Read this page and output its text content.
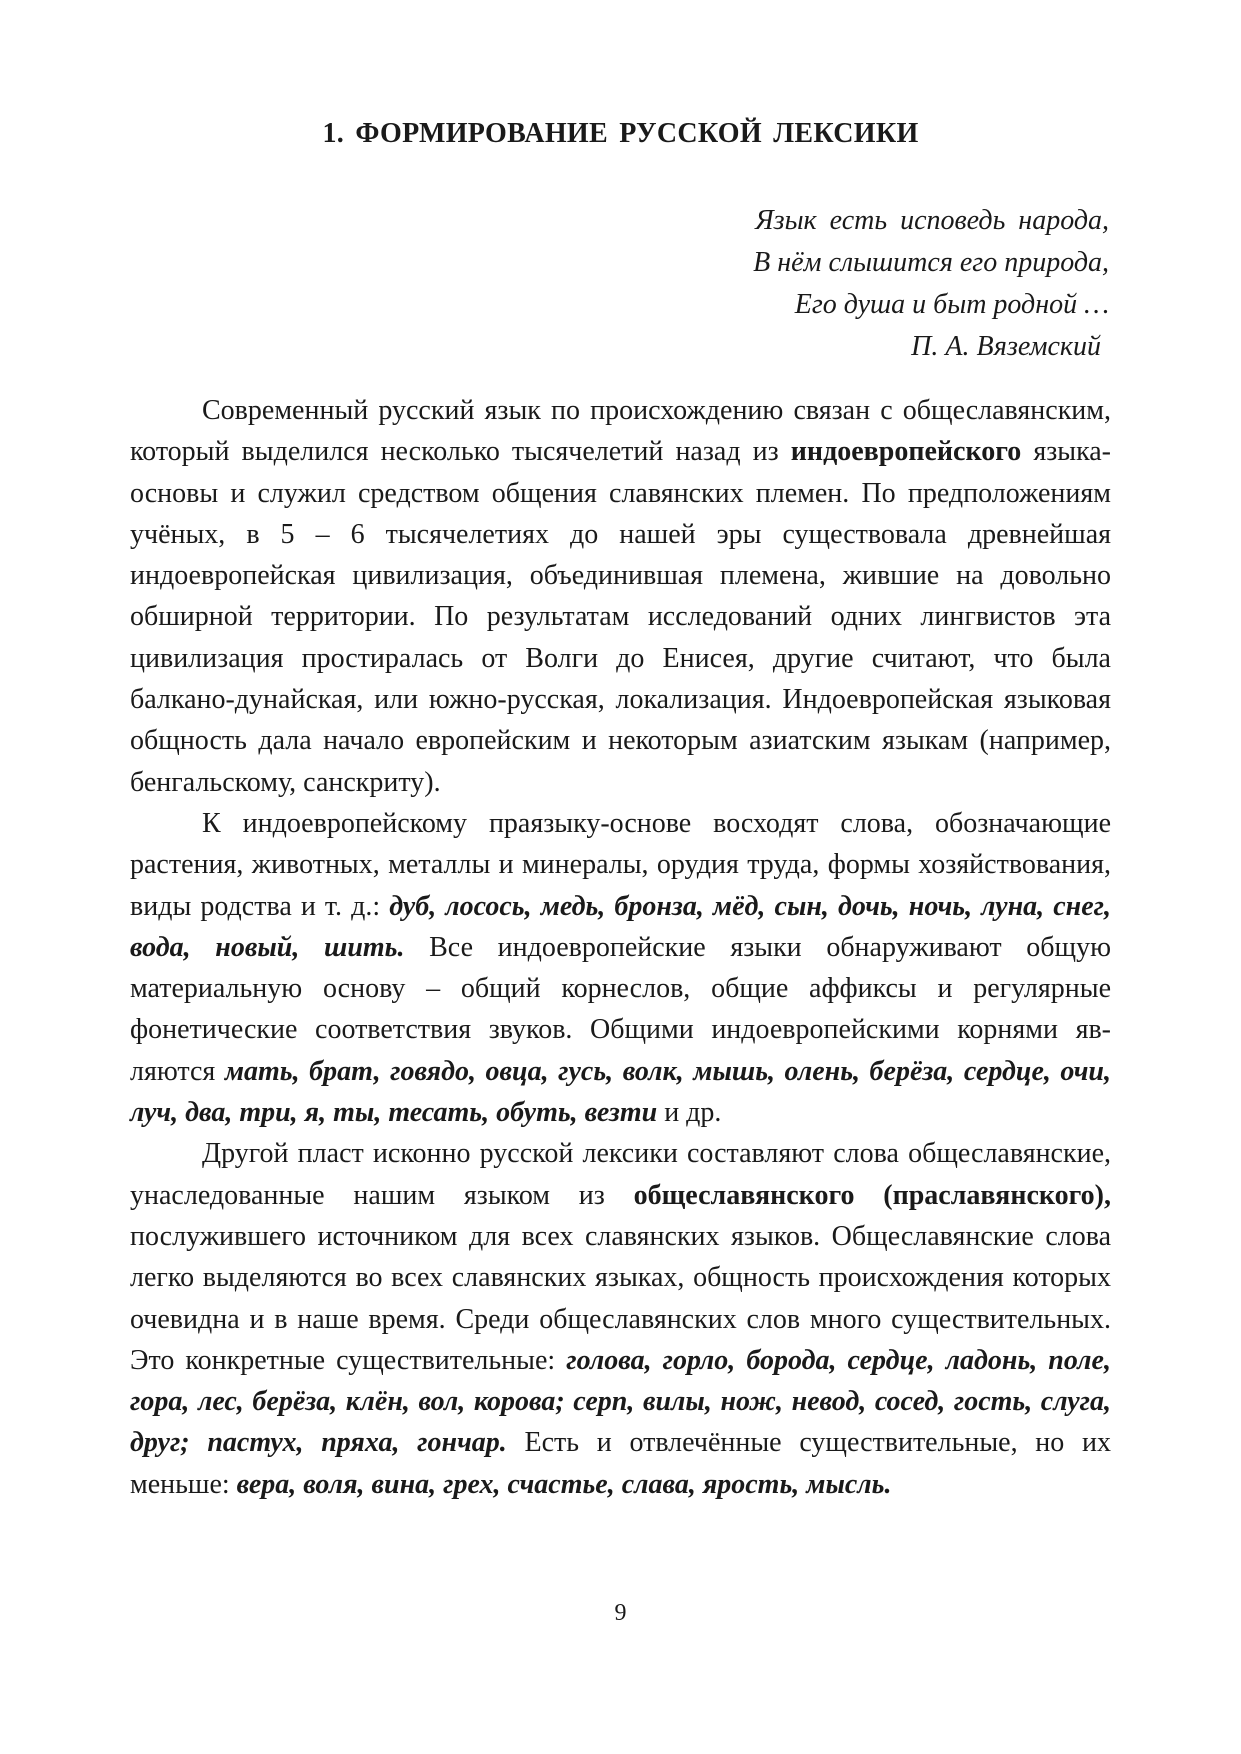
1. ФОРМИРОВАНИЕ РУССКОЙ ЛЕКСИКИ
Язык есть исповедь народа,
В нём слышится его природа,
Его душа и быт родной …
П. А. Вяземский

Современный русский язык по происхождению связан с общеславянским, который выделился несколько тысячелетий назад из индоевропейского языка-основы и служил средством общения славянских племен. По предположениям учёных, в 5 – 6 тысячелетиях до нашей эры существовала древнейшая индоевропейская цивилизация, объединившая племена, жившие на довольно обширной территории. По результатам исследований одних лингвистов эта цивилизация простиралась от Волги до Енисея, другие считают, что была балкано-дунайская, или южно-русская, локализация. Индоевропейская языковая общность дала начало европейским и некоторым азиатским языкам (например, бенгальскому, санскриту).

К индоевропейскому праязыку-основе восходят слова, обозначающие растения, животных, металлы и минералы, орудия труда, формы хозяйствования, виды родства и т. д.: дуб, лосось, медь, бронза, мёд, сын, дочь, ночь, луна, снег, вода, новый, шить. Все индоевропейские языки обнаруживают общую материальную основу – общий корнеслов, общие аффиксы и регулярные фонетические соответствия звуков. Общими индоевропейскими корнями являются мать, брат, говядо, овца, гусь, волк, мышь, олень, берёза, сердце, очи, луч, два, три, я, ты, тесать, обуть, везти и др.

Другой пласт исконно русской лексики составляют слова общеславянские, унаследованные нашим языком из общеславянского (праславянского), послужившего источником для всех славянских языков. Общеславянские слова легко выделяются во всех славянских языках, общность происхождения которых очевидна и в наше время. Среди общеславянских слов много существительных. Это конкретные существительные: голова, горло, борода, сердце, ладонь, поле, гора, лес, берёза, клён, вол, корова; серп, вилы, нож, невод, сосед, гость, слуга, друг; пастух, пряха, гончар. Есть и отвлечённые существительные, но их меньше: вера, воля, вина, грех, счастье, слава, ярость, мысль.

9
